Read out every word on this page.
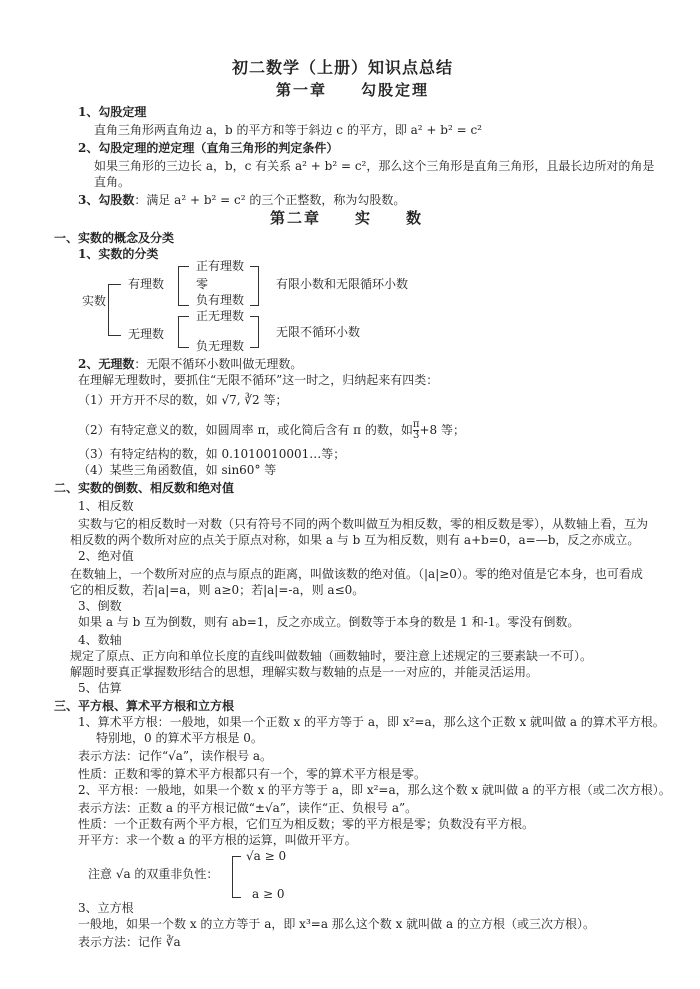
初二数学（上册）知识点总结
第一章　　勾股定理
1、勾股定理
直角三角形两直角边 a，b 的平方和等于斜边 c 的平方，即 a² + b² = c²
2、勾股定理的逆定理（直角三角形的判定条件）
如果三角形的三边长 a，b，c 有关系 a² + b² = c²，那么这个三角形是直角三角形，且最长边所对的角是
直角。
3、勾股数：满足 a² + b² = c² 的三个正整数，称为勾股数。
第二章　　实　　数
一、实数的概念及分类
1、实数的分类
实数
有理数
无理数
正有理数
零
负有理数
有限小数和无限循环小数
正无理数
负无理数
无限不循环小数
2、无理数：无限不循环小数叫做无理数。
在理解无理数时，要抓住“无限不循环”这一时之，归纳起来有四类：
（1）开方开不尽的数，如 √7, ∛2 等；
（2）有特定意义的数，如圆周率 π，或化简后含有 π 的数，如 $\frac{\pi}{3} +8$ 等；
（3）有特定结构的数，如 0.1010010001…等；
（4）某些三角函数值，如 sin60° 等
二、实数的倒数、相反数和绝对值
1、相反数
实数与它的相反数时一对数（只有符号不同的两个数叫做互为相反数，零的相反数是零），从数轴上看，互为
相反数的两个数所对应的点关于原点对称，如果 a 与 b 互为相反数，则有 a+b=0，a=—b，反之亦成立。
2、绝对值
在数轴上，一个数所对应的点与原点的距离，叫做该数的绝对值。（|a|≥0）。零的绝对值是它本身，也可看成
它的相反数，若|a|=a，则 a≥0；若|a|=-a，则 a≤0。
3、倒数
如果 a 与 b 互为倒数，则有 ab=1，反之亦成立。倒数等于本身的数是 1 和-1。零没有倒数。
4、数轴
规定了原点、正方向和单位长度的直线叫做数轴（画数轴时，要注意上述规定的三要素缺一不可）。
解题时要真正掌握数形结合的思想，理解实数与数轴的点是一一对应的，并能灵活运用。
5、估算
三、平方根、算术平方根和立方根
1、算术平方根：一般地，如果一个正数 x 的平方等于 a，即 x²=a，那么这个正数 x 就叫做 a 的算术平方根。
特别地，0 的算术平方根是 0。
表示方法：记作“√a”，读作根号 a。
性质：正数和零的算术平方根都只有一个，零的算术平方根是零。
2、平方根：一般地，如果一个数 x 的平方等于 a，即 x²=a，那么这个数 x 就叫做 a 的平方根（或二次方根）。
表示方法：正数 a 的平方根记做“±√a”，读作“正、负根号 a”。
性质：一个正数有两个平方根，它们互为相反数；零的平方根是零；负数没有平方根。
开平方：求一个数 a 的平方根的运算，叫做开平方。
注意 √a 的双重非负性：
√a ≥ 0
a ≥ 0
3、立方根
一般地，如果一个数 x 的立方等于 a，即 x³=a 那么这个数 x 就叫做 a 的立方根（或三次方根）。
表示方法：记作 ∛a
